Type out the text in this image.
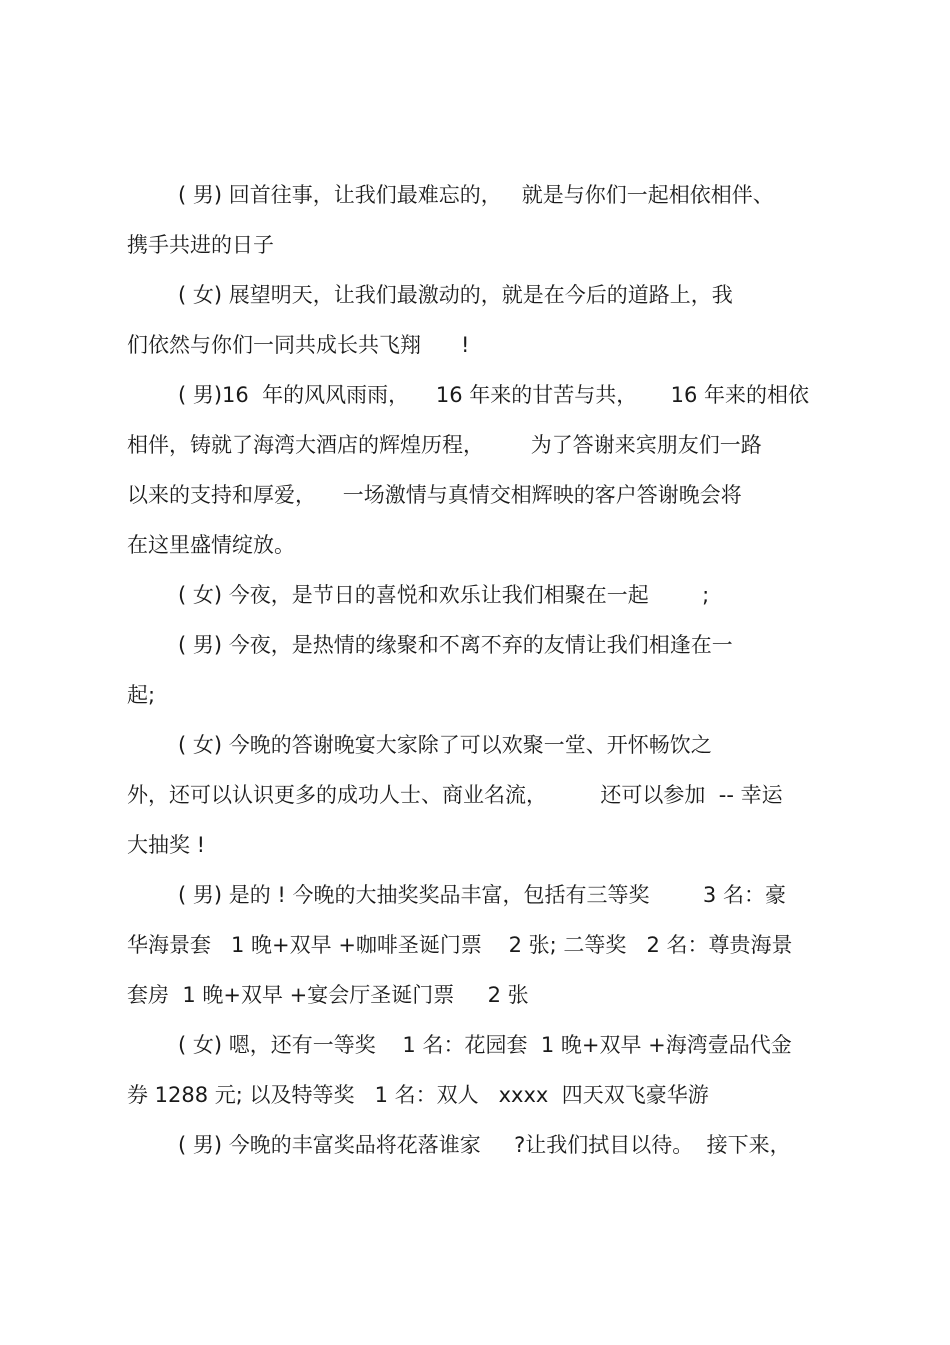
( 男) 回首往事，让我们最难忘的，   就是与你们一起相依相伴、
携手共进的日子
( 女) 展望明天，让我们最激动的，就是在今后的道路上，我
们依然与你们一同共成长共飞翔      !
( 男)16  年的风风雨雨，    16 年来的甘苦与共，     16 年来的相依
相伴，铸就了海湾大酒店的辉煌历程，       为了答谢来宾朋友们一路
以来的支持和厚爱，    一场激情与真情交相辉映的客户答谢晚会将
在这里盛情绽放。
( 女) 今夜，是节日的喜悦和欢乐让我们相聚在一起        ;
( 男) 今夜，是热情的缘聚和不离不弃的友情让我们相逢在一
起;
( 女) 今晚的答谢晚宴大家除了可以欢聚一堂、开怀畅饮之
外，还可以认识更多的成功人士、商业名流，        还可以参加  -- 幸运
大抽奖 !
( 男) 是的 ! 今晚的大抽奖奖品丰富，包括有三等奖        3 名：豪
华海景套   1 晚+双早 +咖啡圣诞门票    2 张; 二等奖   2 名：尊贵海景
套房  1 晚+双早 +宴会厅圣诞门票     2 张
( 女) 嗯，还有一等奖    1 名：花园套  1 晚+双早 +海湾壹品代金
券 1288 元; 以及特等奖   1 名：双人   xxxx  四天双飞豪华游
( 男) 今晚的丰富奖品将花落谁家     ?让我们拭目以待。  接下来，
